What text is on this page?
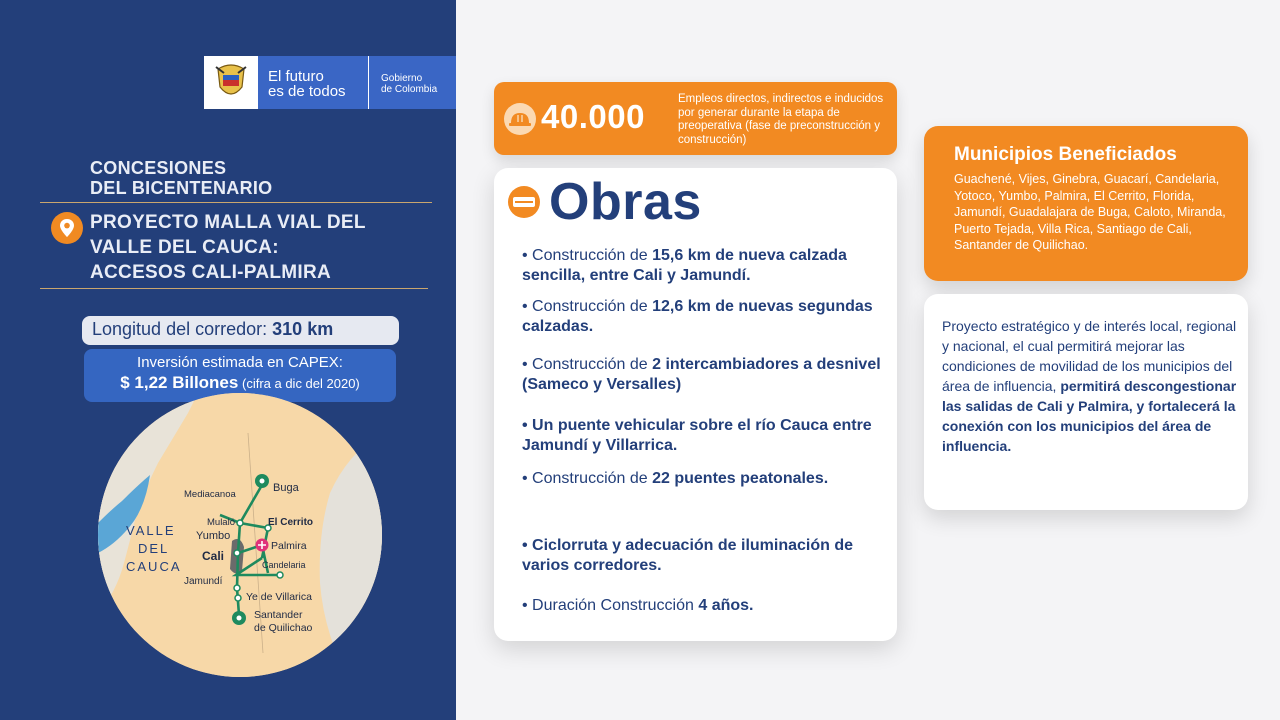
El futuro
es de todos
Gobierno
de Colombia
CONCESIONES
DEL BICENTENARIO
PROYECTO MALLA VIAL DEL
VALLE DEL CAUCA:
ACCESOS CALI-PALMIRA
Longitud del corredor: 310 km
Inversión estimada en CAPEX:
$ 1,22 Billones (cifra a dic del 2020)
VALLE
DEL
CAUCA
Buga
Mediacanoa
Mulaló
Yumbo
El Cerrito
Cali
Palmira
Candelaria
Jamundí
Ye de Villarica
Santander
de Quilichao
40.000	Empleos directos, indirectos e inducidos por generar durante la etapa de preoperativa (fase de preconstrucción y construcción)
Obras
• Construcción de 15,6 km de nueva calzada sencilla, entre Cali y Jamundí.
• Construcción de 12,6 km de nuevas segundas calzadas.
• Construcción de 2 intercambiadores a desnivel (Sameco y Versalles)
• Un puente vehicular sobre el río Cauca entre Jamundí y Villarrica.
• Construcción de 22 puentes peatonales.
• Ciclorruta y adecuación de iluminación de varios corredores.
• Duración Construcción 4 años.
Municipios Beneficiados
Guachené, Vijes, Ginebra, Guacarí, Candelaria, Yotoco, Yumbo, Palmira, El Cerrito, Florida, Jamundí, Guadalajara de Buga, Caloto, Miranda, Puerto Tejada, Villa Rica, Santiago de Cali, Santander de Quilichao.
Proyecto estratégico y de interés local, regional y nacional, el cual permitirá mejorar las condiciones de movilidad de los municipios del área de influencia, permitirá descongestionar las salidas de Cali y Palmira, y fortalecerá la conexión con los municipios del área de influencia.
